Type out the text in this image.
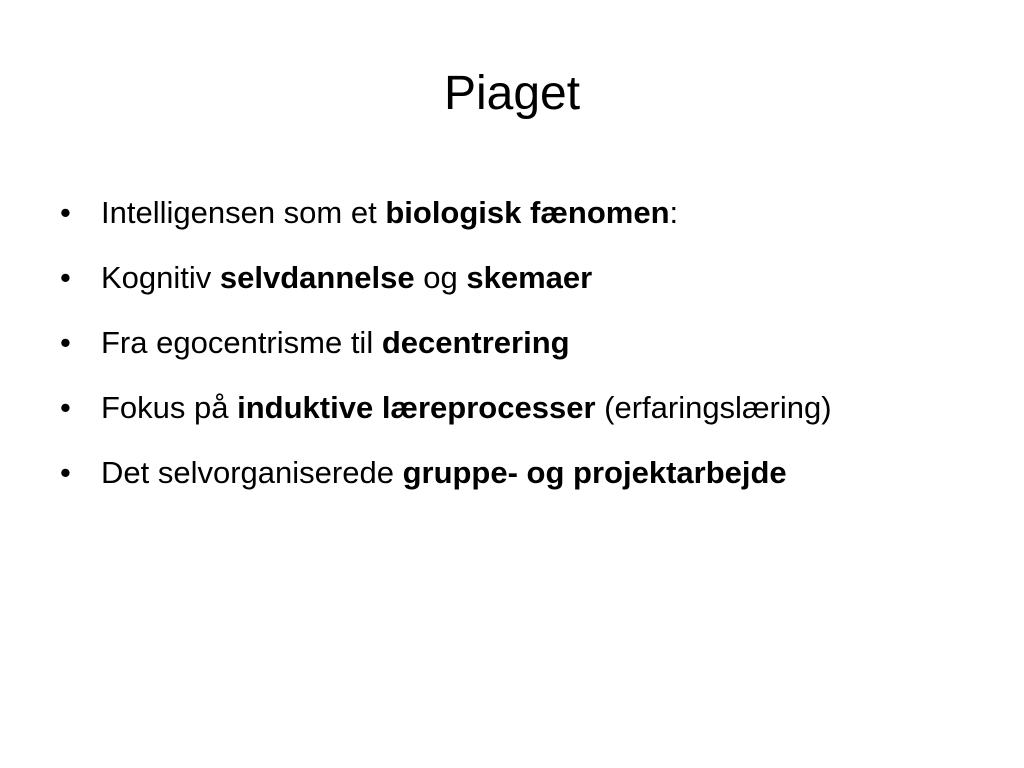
Piaget
• Intelligensen som et biologisk fænomen:
• Kognitiv selvdannelse og skemaer
• Fra egocentrisme til decentrering
• Fokus på induktive læreprocesser (erfaringslæring)
• Det selvorganiserede gruppe- og projektarbejde
